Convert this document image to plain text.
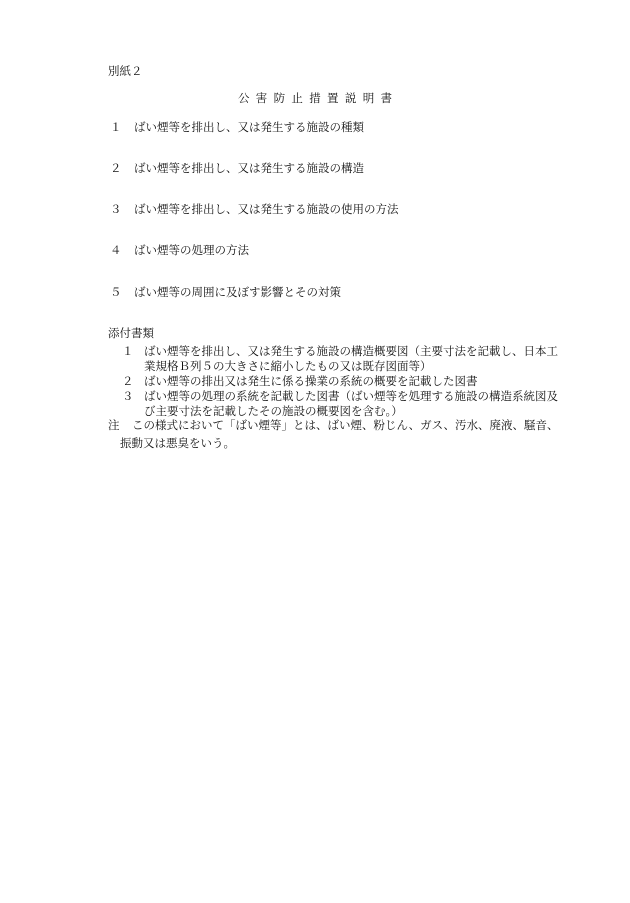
別紙２
公害防止措置説明書
１ ばい煙等を排出し、又は発生する施設の種類
２ ばい煙等を排出し、又は発生する施設の構造
３ ばい煙等を排出し、又は発生する施設の使用の方法
４ ばい煙等の処理の方法
５ ばい煙等の周囲に及ぼす影響とその対策
添付書類
１ ばい煙等を排出し、又は発生する施設の構造概要図（主要寸法を記載し、日本工
業規格Ｂ列５の大きさに縮小したもの又は既存図面等）
２ ばい煙等の排出又は発生に係る操業の系統の概要を記載した図書
３ ばい煙等の処理の系統を記載した図書（ばい煙等を処理する施設の構造系統図及
び主要寸法を記載したその施設の概要図を含む。）
注 この様式において「ばい煙等」とは、ばい煙、粉じん、ガス、汚水、廃液、騒音、
振動又は悪臭をいう。
